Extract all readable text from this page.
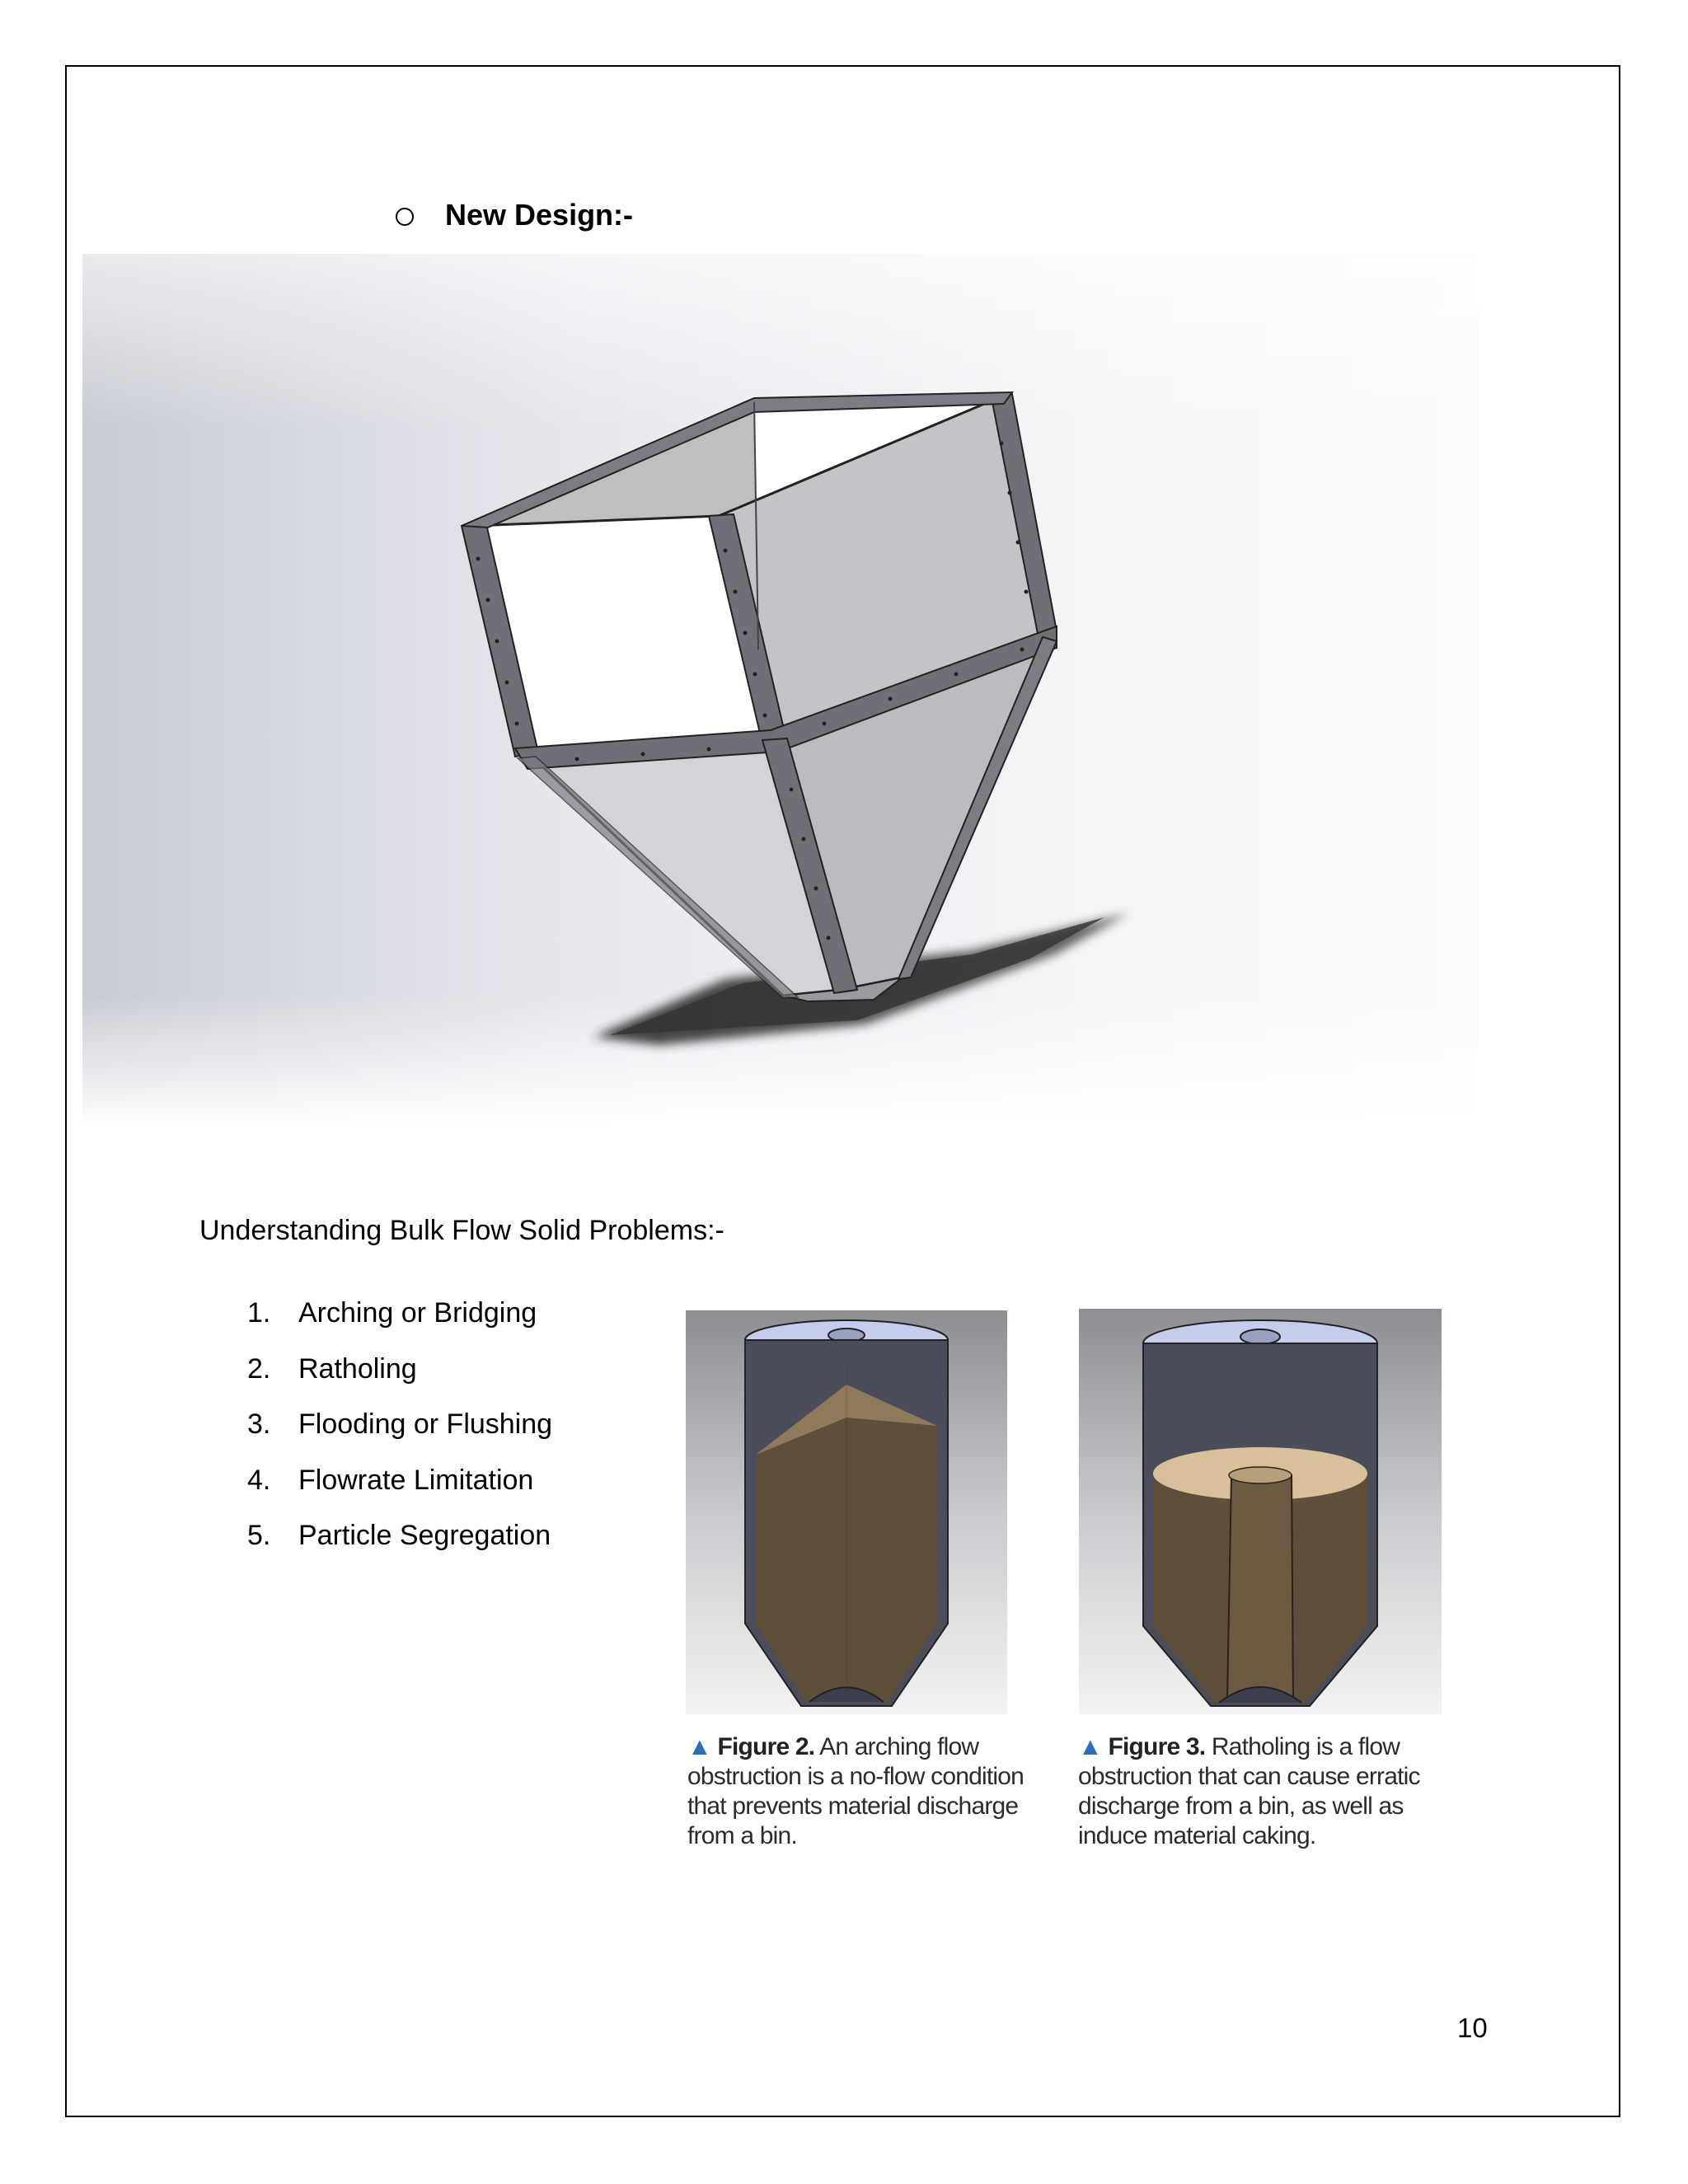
New Design:-
Understanding Bulk Flow Solid Problems:-
1. Arching or Bridging
2. Ratholing
3. Flooding or Flushing
4. Flowrate Limitation
5. Particle Segregation
▲ Figure 2. An arching flow obstruction is a no-flow condition that prevents material discharge from a bin.
▲ Figure 3. Ratholing is a flow obstruction that can cause erratic discharge from a bin, as well as induce material caking.
10
